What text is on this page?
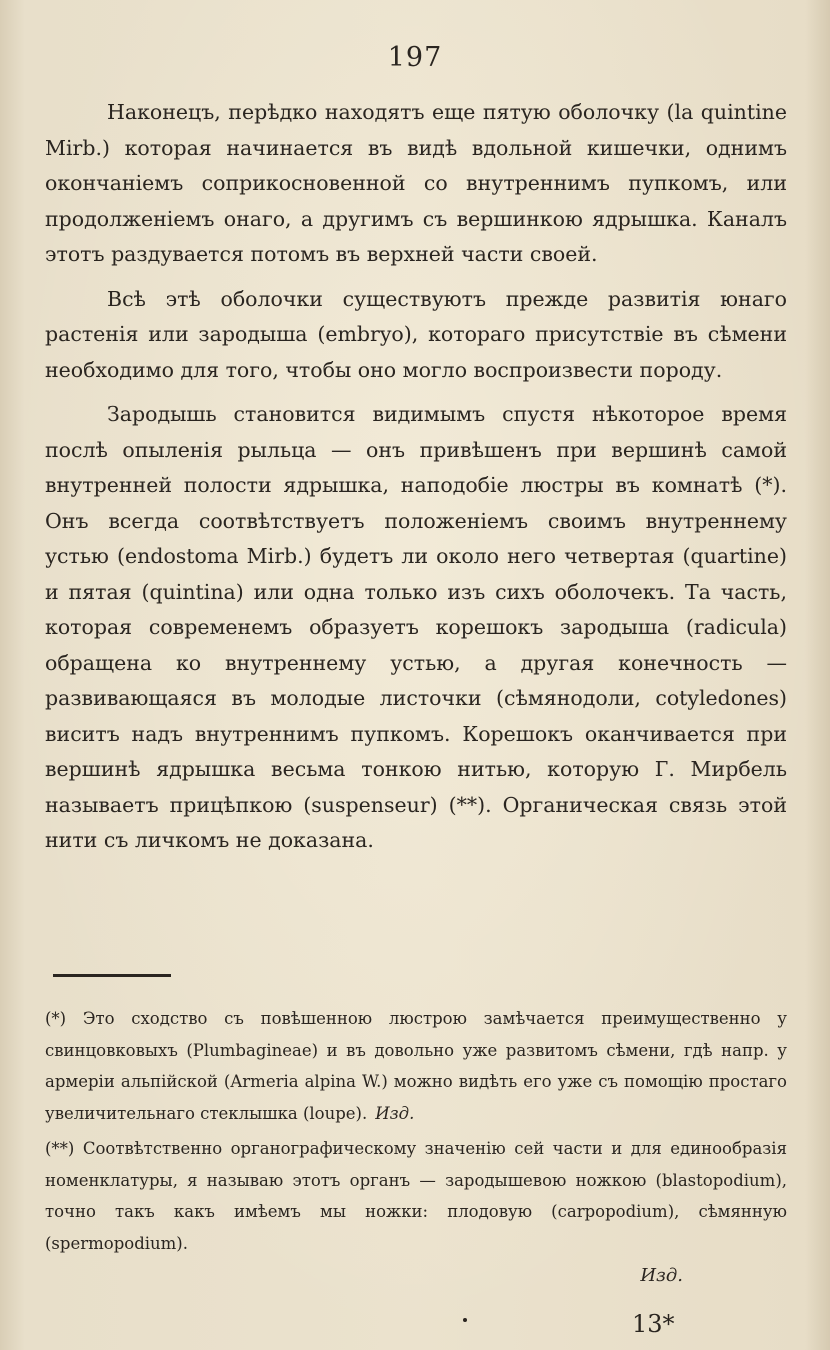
197

Наконецъ, перѣдко находятъ еще пятую оболочку (la quintine Mirb.) которая начинается въ видѣ вдольной кишечки, однимъ окончаніемъ соприкосновенной со внутреннимъ пупкомъ, или продолженіемъ онаго, а другимъ съ вершинкою ядрышка. Каналъ этотъ раздувается потомъ въ верхней части своей.

Всѣ этѣ оболочки существуютъ прежде развитія юнаго растенія или зародыша (embryo), котораго присутствіе въ сѣмени необходимо для того, чтобы оно могло воспроизвести породу.

Зародышь становится видимымъ спустя нѣкоторое время послѣ опыленія рыльца — онъ привѣшенъ при вершинѣ самой внутренней полости ядрышка, наподобіе люстры въ комнатѣ (*). Онъ всегда соотвѣтствуетъ положеніемъ своимъ внутреннему устью (endostoma Mirb.) будетъ ли около него четвертая (quartine) и пятая (quintina) или одна только изъ сихъ оболочекъ. Та часть, которая современемъ образуетъ корешокъ зародыша (radicula) обращена ко внутреннему устью, а другая конечность — развивающаяся въ молодые листочки (сѣмянодоли, cotyledones) виситъ надъ внутреннимъ пупкомъ. Корешокъ оканчивается при вершинѣ ядрышка весьма тонкою нитью, которую Г. Мирбель называетъ прицѣпкою (suspenseur) (**). Органическая связь этой нити съ личкомъ не доказана.

(*) Это сходство съ повѣшенною люстрою замѣчается преимущественно у свинцовковыхъ (Plumbagineae) и въ довольно уже развитомъ сѣмени, гдѣ напр. у армеріи альпійской (Armeria alpina W.) можно видѣть его уже съ помощію простаго увеличительнаго стеклышка (loupe). Изд.

(**) Соотвѣтственно органографическому значенію сей части и для единообразія номенклатуры, я называю этотъ органъ — зародышевою ножкою (blastopodium), точно такъ какъ имѣемъ мы ножки: плодовую (carpopodium), сѣмянную (spermopodium).

Изд.
13*
